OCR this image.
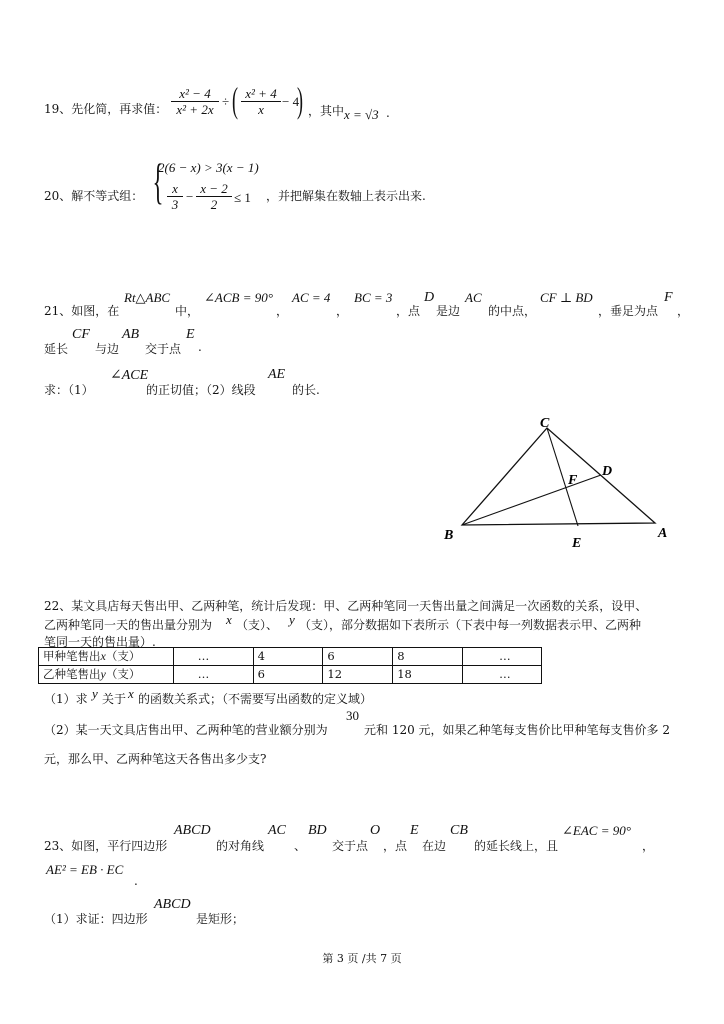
19、先化简，再求值： $\frac{\text{x² − 4}}{\text{x² + 2x}}$ ÷ ( $\frac{\text{x² + 4}}{x} - 4$
) ，其中 x = √3 .
20、解不等式组： {
2(6 − x) > 3(x − 1)
$\frac{x}{3} - \frac{x - 2}{2} \le 1$ ，并把解集在数轴上表示出来.
21、如图，在
Rt△ABC
中，
∠ACB = 90°
，
AC = 4
，
BC = 3
，点
D
是边
AC
的中点，
CF ⊥ BD
，垂足为点
F
，
延长
CF
与边
AB
交于点
E
.
求：（1）
∠ACE
的正切值；（2）线段
AE
的长.
C
D
F
B
E
A
22、某文具店每天售出甲、乙两种笔，统计后发现：甲、乙两种笔同一天售出量之间满足一次函数的关系，设甲、
乙两种笔同一天的售出量分别为 x （支）、 y （支），部分数据如下表所示（下表中每一列数据表示甲、乙两种
笔同一天的售出量）.
甲种笔售出x（支）	…	4	6	8	…
乙种笔售出y（支）	…	6	12	18	…
（1）求 y 关于 x 的函数关系式；（不需要写出函数的定义域）
（2）某一天文具店售出甲、乙两种笔的营业额分别为
30
元和 120 元，如果乙种笔每支售价比甲种笔每支售价多 2
元，那么甲、乙两种笔这天各售出多少支?
23、如图，平行四边形
ABCD
的对角线
AC
、
BD
交于点
O
，点
E
在边
CB
的延长线上，且
∠EAC = 90°
，
AE² = EB · EC
.
（1）求证：四边形
ABCD
是矩形；
第 3 页 /共 7 页
